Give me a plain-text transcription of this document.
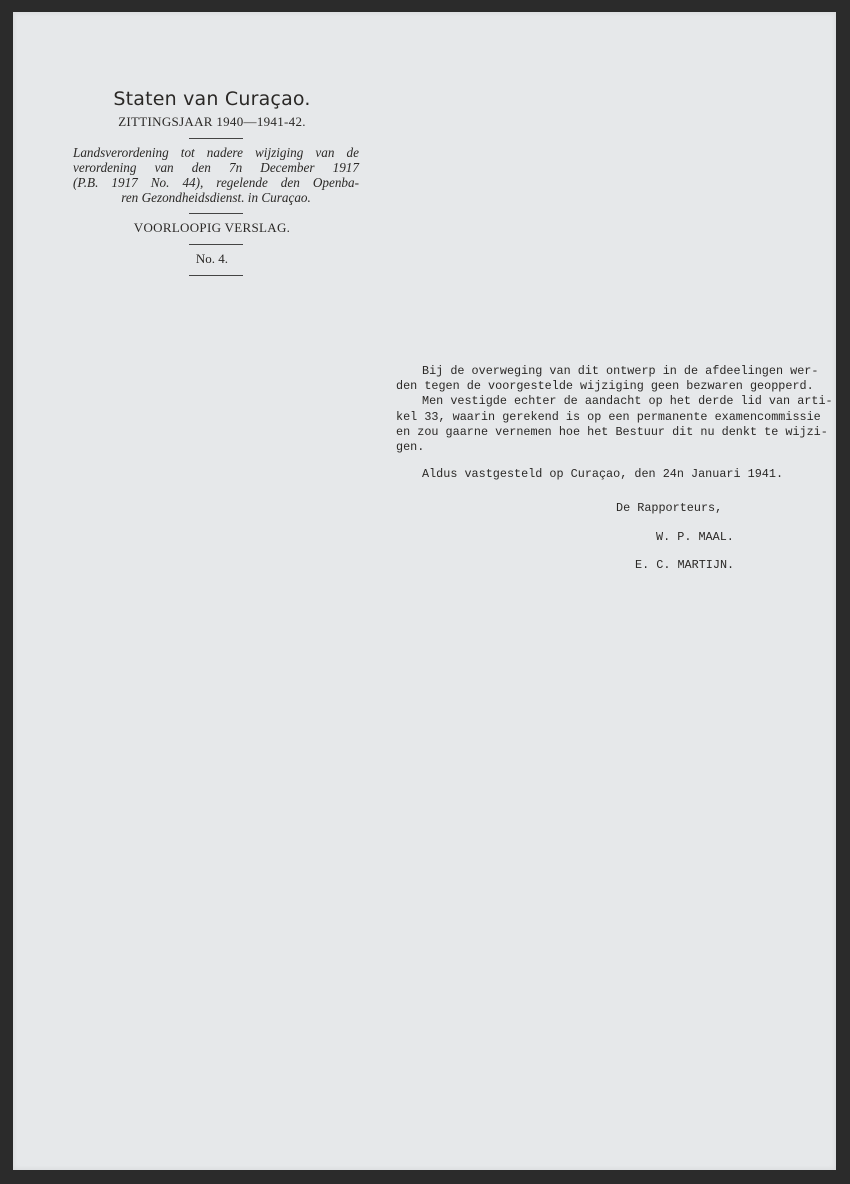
Staten van Curaçao.
ZITTINGSJAAR 1940—1941-42.
Landsverordening tot nadere wijziging van de
verordening van den 7n December 1917
(P.B. 1917 No. 44), regelende den Openba-
ren Gezondheidsdienst. in Curaçao.
VOORLOOPIG VERSLAG.
No. 4.
Bij de overweging van dit ontwerp in de afdeelingen wer-
den tegen de voorgestelde wijziging geen bezwaren geopperd.
Men vestigde echter de aandacht op het derde lid van arti-
kel 33, waarin gerekend is op een permanente examencommissie
en zou gaarne vernemen hoe het Bestuur dit nu denkt te wijzi-
gen.
Aldus vastgesteld op Curaçao, den 24n Januari 1941.
De Rapporteurs,
W. P. MAAL.
E. C. MARTIJN.
